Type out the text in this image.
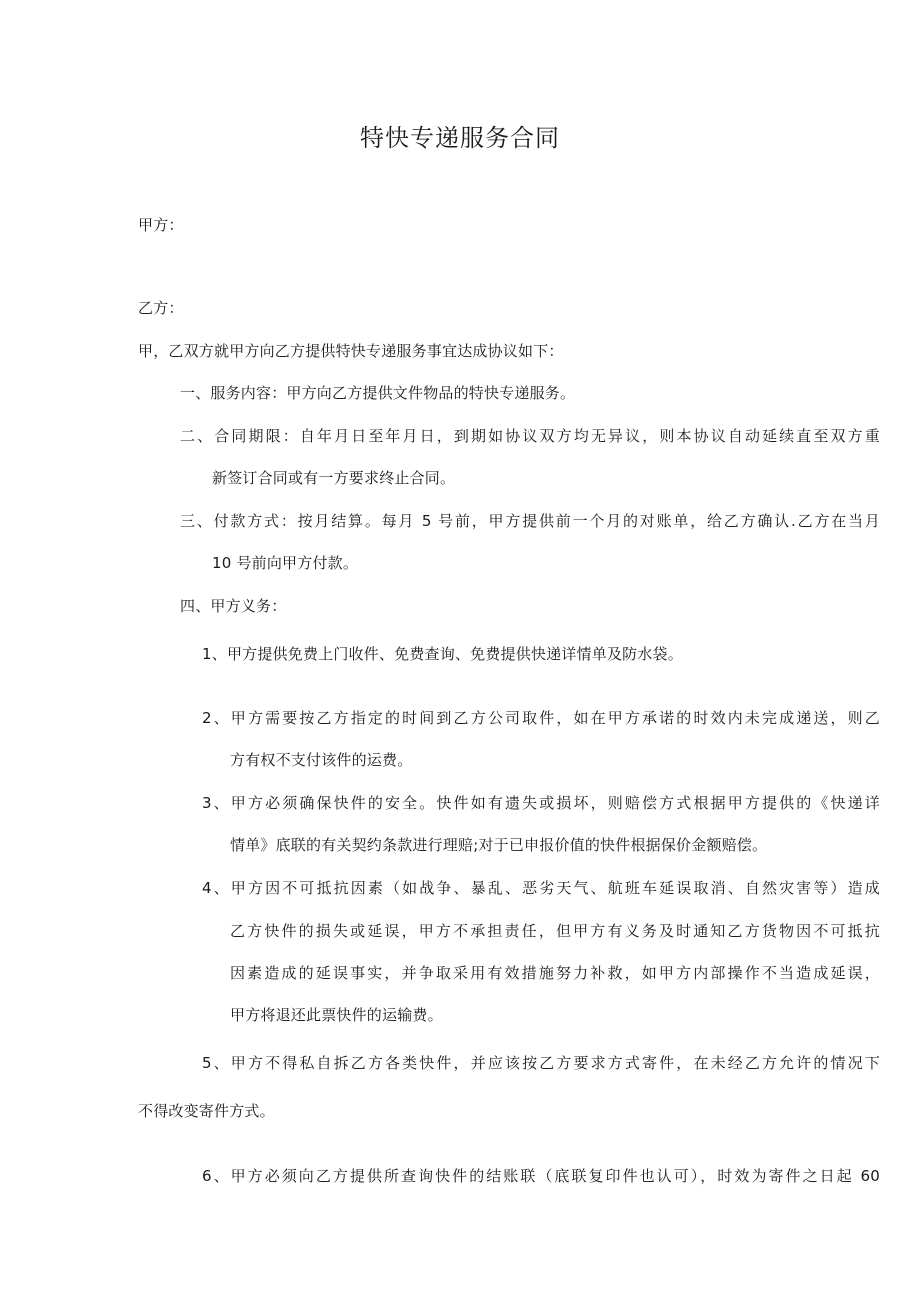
特快专递服务合同
甲方：
乙方：
甲，乙双方就甲方向乙方提供特快专递服务事宜达成协议如下：
一、服务内容：甲方向乙方提供文件物品的特快专递服务。
二、合同期限：自年月日至年月日，到期如协议双方均无异议，则本协议自动延续直至双方重
新签订合同或有一方要求终止合同。
三、付款方式：按月结算。每月 5 号前，甲方提供前一个月的对账单，给乙方确认.乙方在当月
10 号前向甲方付款。
四、甲方义务：
1、甲方提供免费上门收件、免费查询、免费提供快递详情单及防水袋。
2、甲方需要按乙方指定的时间到乙方公司取件，如在甲方承诺的时效内未完成递送，则乙
方有权不支付该件的运费。
3、甲方必须确保快件的安全。快件如有遗失或损坏，则赔偿方式根据甲方提供的《快递详
情单》底联的有关契约条款进行理赔;对于已申报价值的快件根据保价金额赔偿。
4、甲方因不可抵抗因素（如战争、暴乱、恶劣天气、航班车延误取消、自然灾害等）造成
乙方快件的损失或延误，甲方不承担责任，但甲方有义务及时通知乙方货物因不可抵抗
因素造成的延误事实，并争取采用有效措施努力补救，如甲方内部操作不当造成延误，
甲方将退还此票快件的运输费。
5、甲方不得私自拆乙方各类快件，并应该按乙方要求方式寄件，在未经乙方允许的情况下
不得改变寄件方式。
6、甲方必须向乙方提供所查询快件的结账联（底联复印件也认可），时效为寄件之日起 60
